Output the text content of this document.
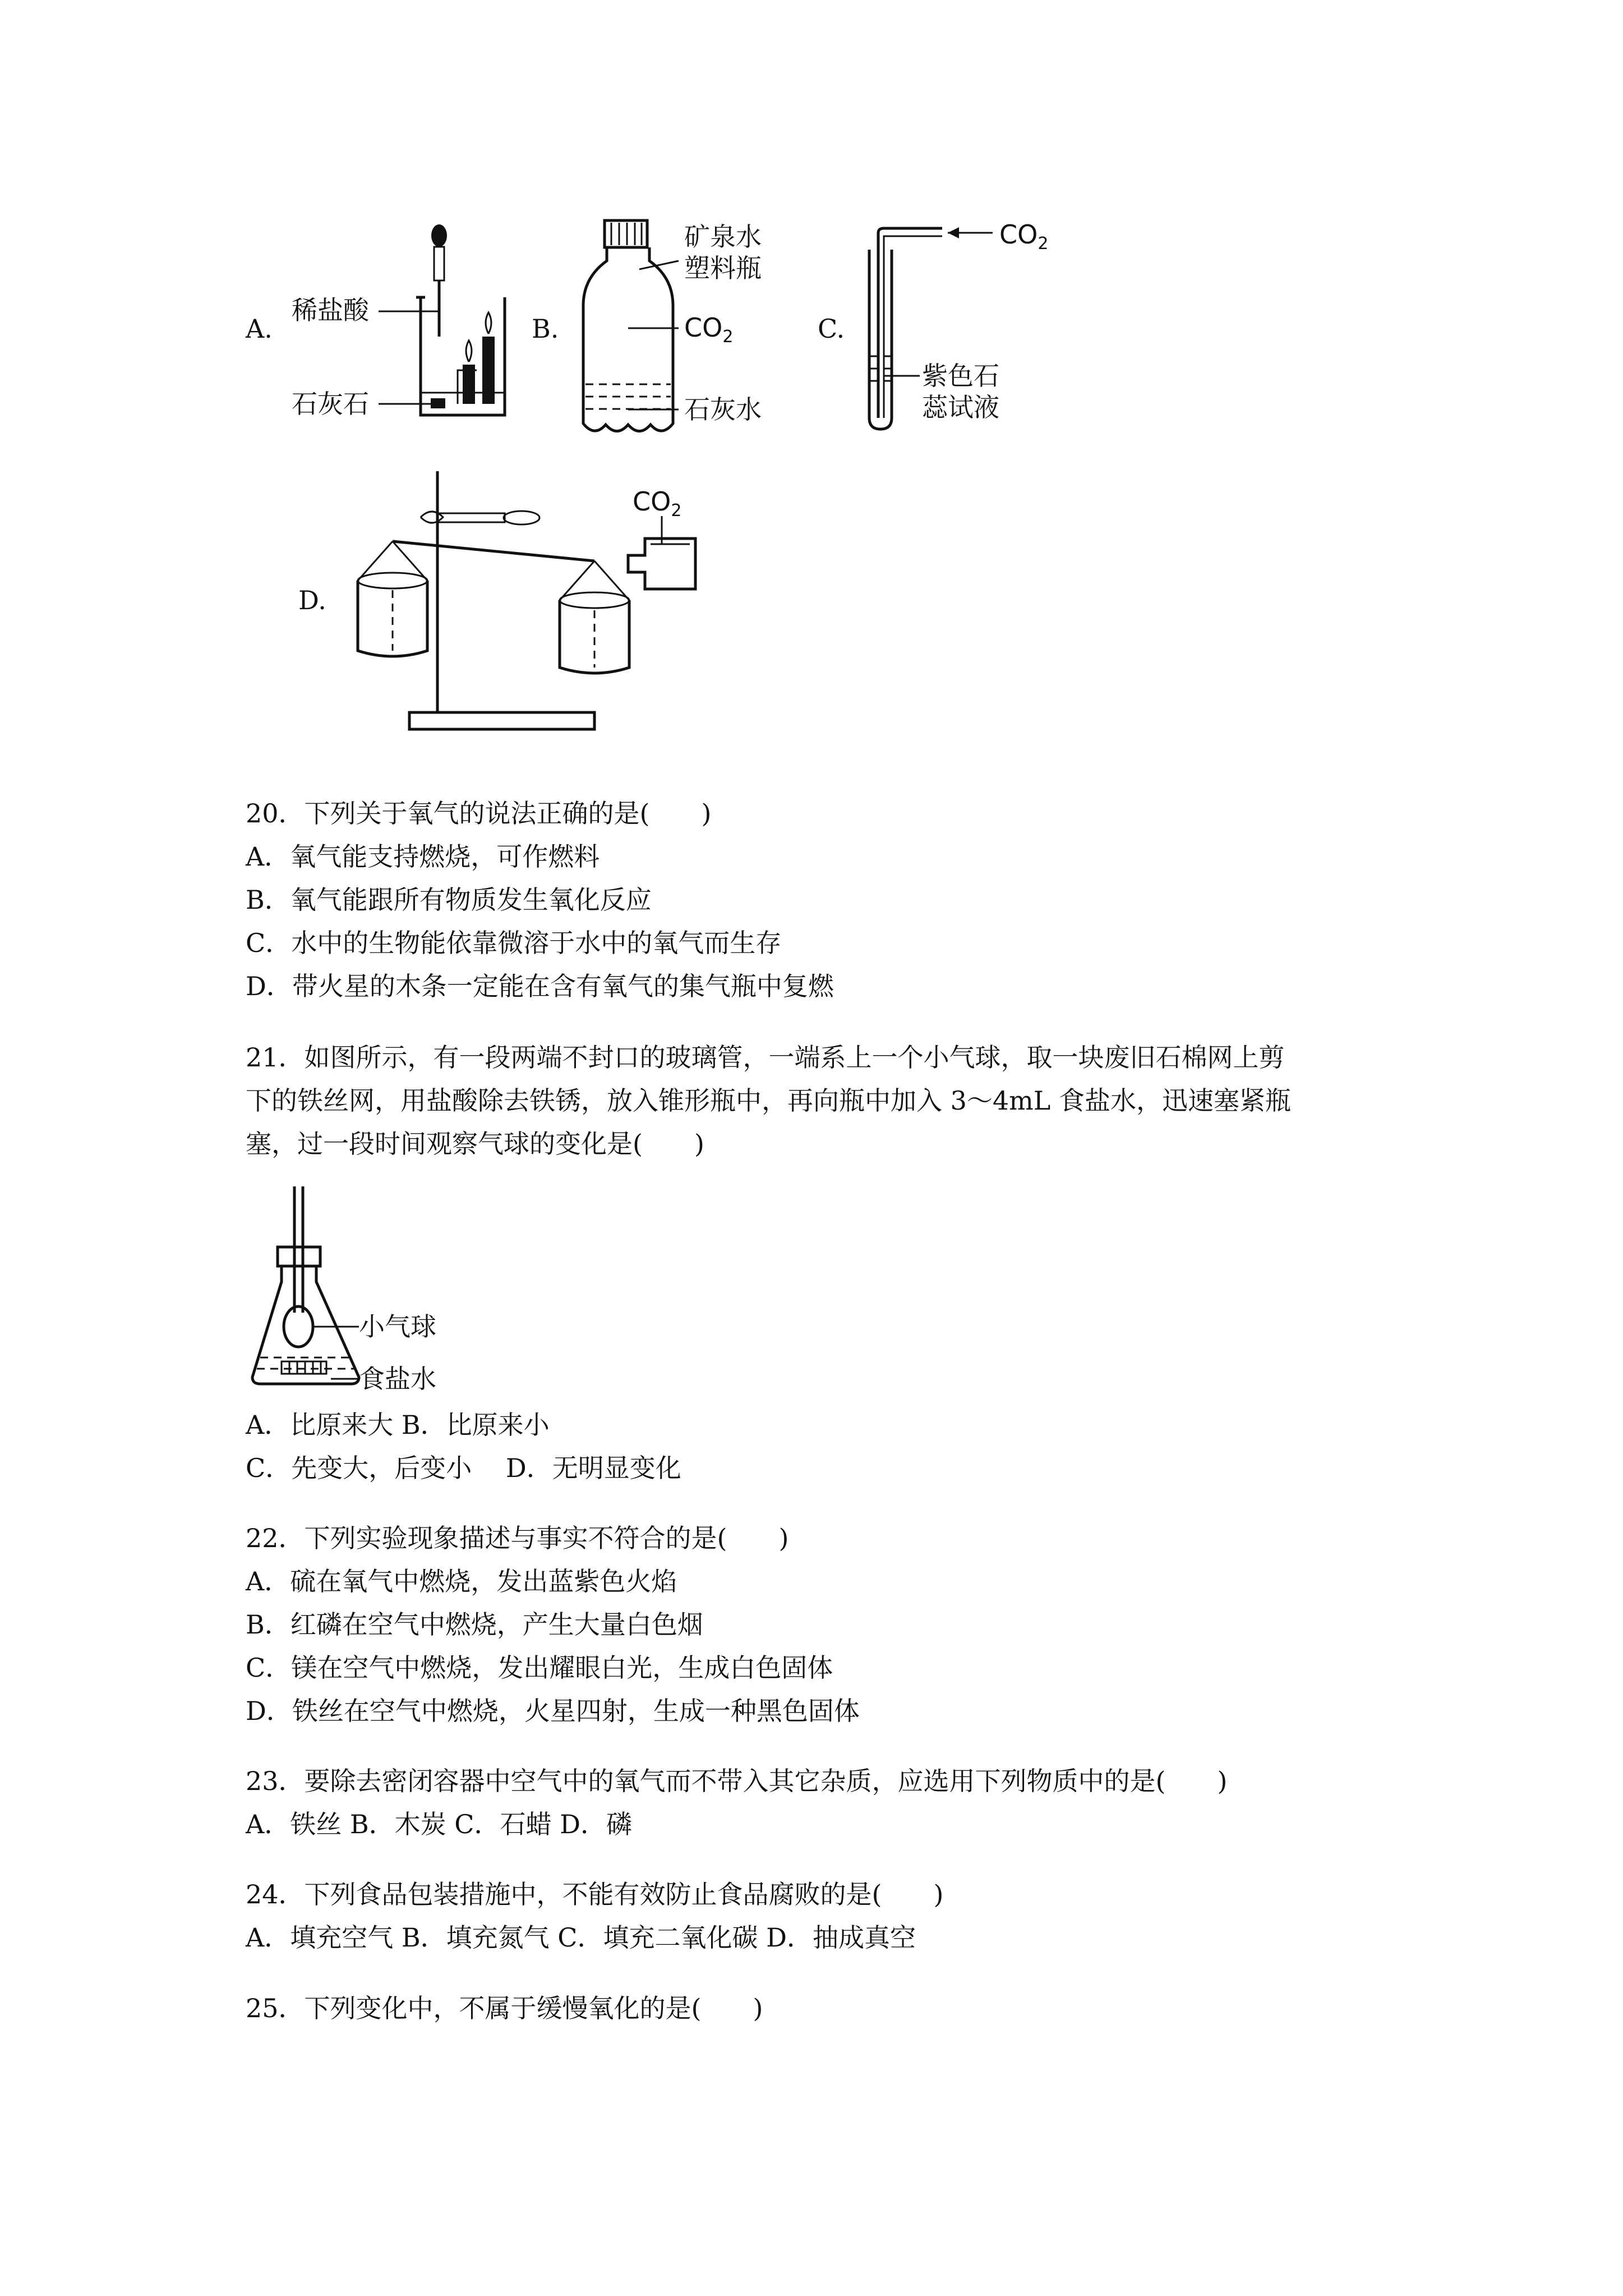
A.
稀盐酸
石灰石
B.
矿泉水
塑料瓶
$CO_2$
石灰水
C.
$CO_2$
紫色石
蕊试液
D.
$CO_2$
20．下列关于氧气的说法正确的是(　　)
A．氧气能支持燃烧，可作燃料
B．氧气能跟所有物质发生氧化反应
C．水中的生物能依靠微溶于水中的氧气而生存
D．带火星的木条一定能在含有氧气的集气瓶中复燃
21．如图所示，有一段两端不封口的玻璃管，一端系上一个小气球，取一块废旧石棉网上剪
下的铁丝网，用盐酸除去铁锈，放入锥形瓶中，再向瓶中加入 3～4mL 食盐水，迅速塞紧瓶
塞，过一段时间观察气球的变化是(　　)
小气球
食盐水
A．比原来大 B．比原来小
C．先变大，后变小　 D．无明显变化
22．下列实验现象描述与事实不符合的是(　　)
A．硫在氧气中燃烧，发出蓝紫色火焰
B．红磷在空气中燃烧，产生大量白色烟
C．镁在空气中燃烧，发出耀眼白光，生成白色固体
D．铁丝在空气中燃烧，火星四射，生成一种黑色固体
23．要除去密闭容器中空气中的氧气而不带入其它杂质，应选用下列物质中的是(　　)
A．铁丝 B．木炭 C．石蜡 D．磷
24．下列食品包装措施中，不能有效防止食品腐败的是(　　)
A．填充空气 B．填充氮气 C．填充二氧化碳 D．抽成真空
25．下列变化中，不属于缓慢氧化的是(　　)
